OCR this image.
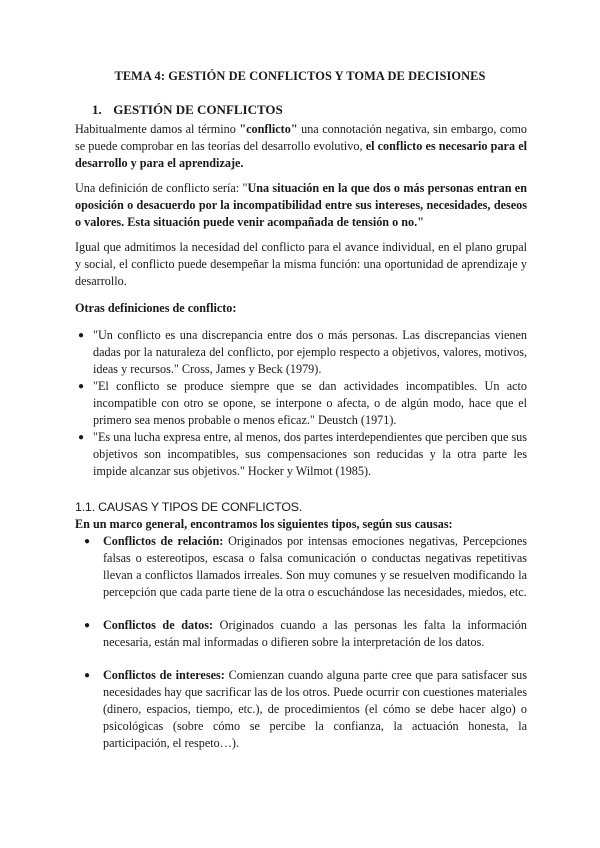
TEMA 4: GESTIÓN DE CONFLICTOS Y TOMA DE DECISIONES
1. GESTIÓN DE CONFLICTOS
Habitualmente damos al término "conflicto" una connotación negativa, sin embargo, como se puede comprobar en las teorías del desarrollo evolutivo, el conflicto es necesario para el desarrollo y para el aprendizaje.
Una definición de conflicto sería: "Una situación en la que dos o más personas entran en oposición o desacuerdo por la incompatibilidad entre sus intereses, necesidades, deseos o valores. Esta situación puede venir acompañada de tensión o no."
Igual que admitimos la necesidad del conflicto para el avance individual, en el plano grupal y social, el conflicto puede desempeñar la misma función: una oportunidad de aprendizaje y desarrollo.
Otras definiciones de conflicto:
● "Un conflicto es una discrepancia entre dos o más personas. Las discrepancias vienen dadas por la naturaleza del conflicto, por ejemplo respecto a objetivos, valores, motivos, ideas y recursos." Cross, James y Beck (1979).
● "El conflicto se produce siempre que se dan actividades incompatibles. Un acto incompatible con otro se opone, se interpone o afecta, o de algún modo, hace que el primero sea menos probable o menos eficaz." Deustch (1971).
● "Es una lucha expresa entre, al menos, dos partes interdependientes que perciben que sus objetivos son incompatibles, sus compensaciones son reducidas y la otra parte les impide alcanzar sus objetivos." Hocker y Wilmot (1985).
1.1. CAUSAS Y TIPOS DE CONFLICTOS.
En un marco general, encontramos los siguientes tipos, según sus causas:
● Conflictos de relación: Originados por intensas emociones negativas, Percepciones falsas o estereotipos, escasa o falsa comunicación o conductas negativas repetitivas llevan a conflictos llamados irreales. Son muy comunes y se resuelven modificando la percepción que cada parte tiene de la otra o escuchándose las necesidades, miedos, etc.
● Conflictos de datos: Originados cuando a las personas les falta la información necesaria, están mal informadas o difieren sobre la interpretación de los datos.
● Conflictos de intereses: Comienzan cuando alguna parte cree que para satisfacer sus necesidades hay que sacrificar las de los otros. Puede ocurrir con cuestiones materiales (dinero, espacios, tiempo, etc.), de procedimientos (el cómo se debe hacer algo) o psicológicas (sobre cómo se percibe la confianza, la actuación honesta, la participación, el respeto…).
